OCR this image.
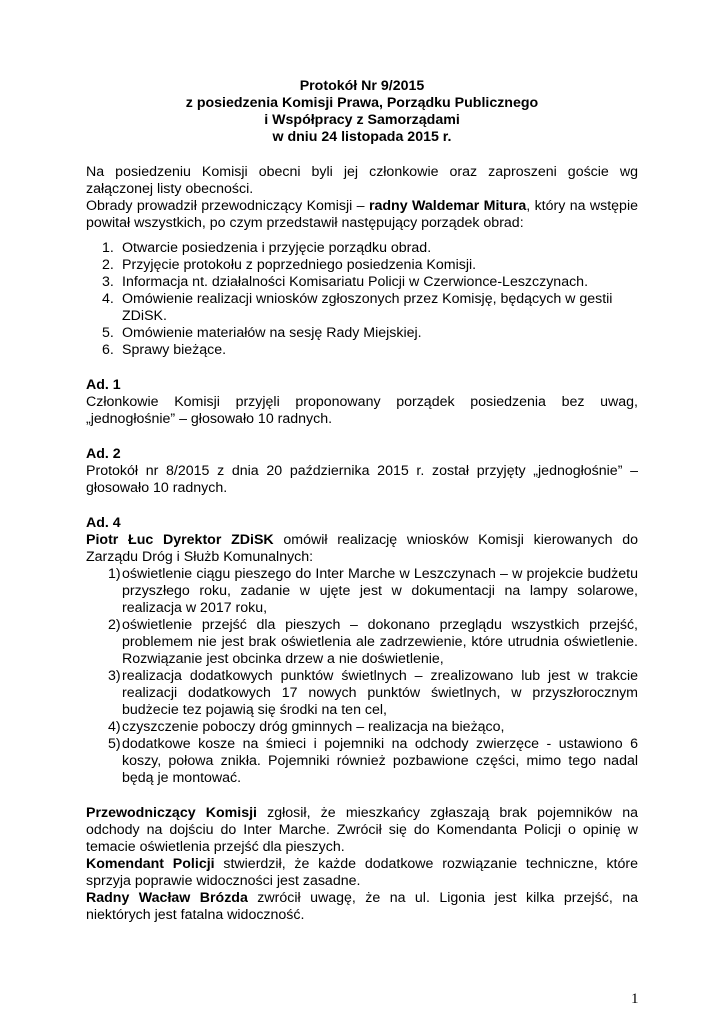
Protokół Nr 9/2015
z posiedzenia Komisji Prawa, Porządku Publicznego
i Współpracy z Samorządami
w dniu 24 listopada 2015 r.

Na posiedzeniu Komisji obecni byli jej członkowie oraz zaproszeni goście wg załączonej listy obecności.

Obrady prowadził przewodniczący Komisji – radny Waldemar Mitura, który na wstępie powitał wszystkich, po czym przedstawił następujący porządek obrad:

1. Otwarcie posiedzenia i przyjęcie porządku obrad.
2. Przyjęcie protokołu z poprzedniego posiedzenia Komisji.
3. Informacja nt. działalności Komisariatu Policji w Czerwionce-Leszczynach.
4. Omówienie realizacji wniosków zgłoszonych przez Komisję, będących w gestii ZDiSK.
5. Omówienie materiałów na sesję Rady Miejskiej.
6. Sprawy bieżące.

Ad. 1

Członkowie Komisji przyjęli proponowany porządek posiedzenia bez uwag, „jednogłośnie” – głosowało 10 radnych.

Ad. 2

Protokół nr 8/2015 z dnia 20 października 2015 r. został przyjęty „jednogłośnie” – głosowało 10 radnych.

Ad. 4

Piotr Łuc Dyrektor ZDiSK omówił realizację wniosków Komisji kierowanych do Zarządu Dróg i Służb Komunalnych:

1) oświetlenie ciągu pieszego do Inter Marche w Leszczynach – w projekcie budżetu przyszłego roku, zadanie w ujęte jest w dokumentacji na lampy solarowe, realizacja w 2017 roku,
2) oświetlenie przejść dla pieszych – dokonano przeglądu wszystkich przejść, problemem nie jest brak oświetlenia ale zadrzewienie, które utrudnia oświetlenie. Rozwiązanie jest obcinka drzew a nie doświetlenie,
3) realizacja dodatkowych punktów świetlnych – zrealizowano lub jest w trakcie realizacji dodatkowych 17 nowych punktów świetlnych, w przyszłorocznym budżecie tez pojawią się środki na ten cel,
4) czyszczenie poboczy dróg gminnych – realizacja na bieżąco,
5) dodatkowe kosze na śmieci i pojemniki na odchody zwierzęce - ustawiono 6 koszy, połowa znikła. Pojemniki również pozbawione części, mimo tego nadal będą je montować.

Przewodniczący Komisji zgłosił, że mieszkańcy zgłaszają brak pojemników na odchody na dojściu do Inter Marche. Zwrócił się do Komendanta Policji o opinię w temacie oświetlenia przejść dla pieszych.

Komendant Policji stwierdził, że każde dodatkowe rozwiązanie techniczne, które sprzyja poprawie widoczności jest zasadne.

Radny Wacław Brózda zwrócił uwagę, że na ul. Ligonia jest kilka przejść, na niektórych jest fatalna widoczność.

1
